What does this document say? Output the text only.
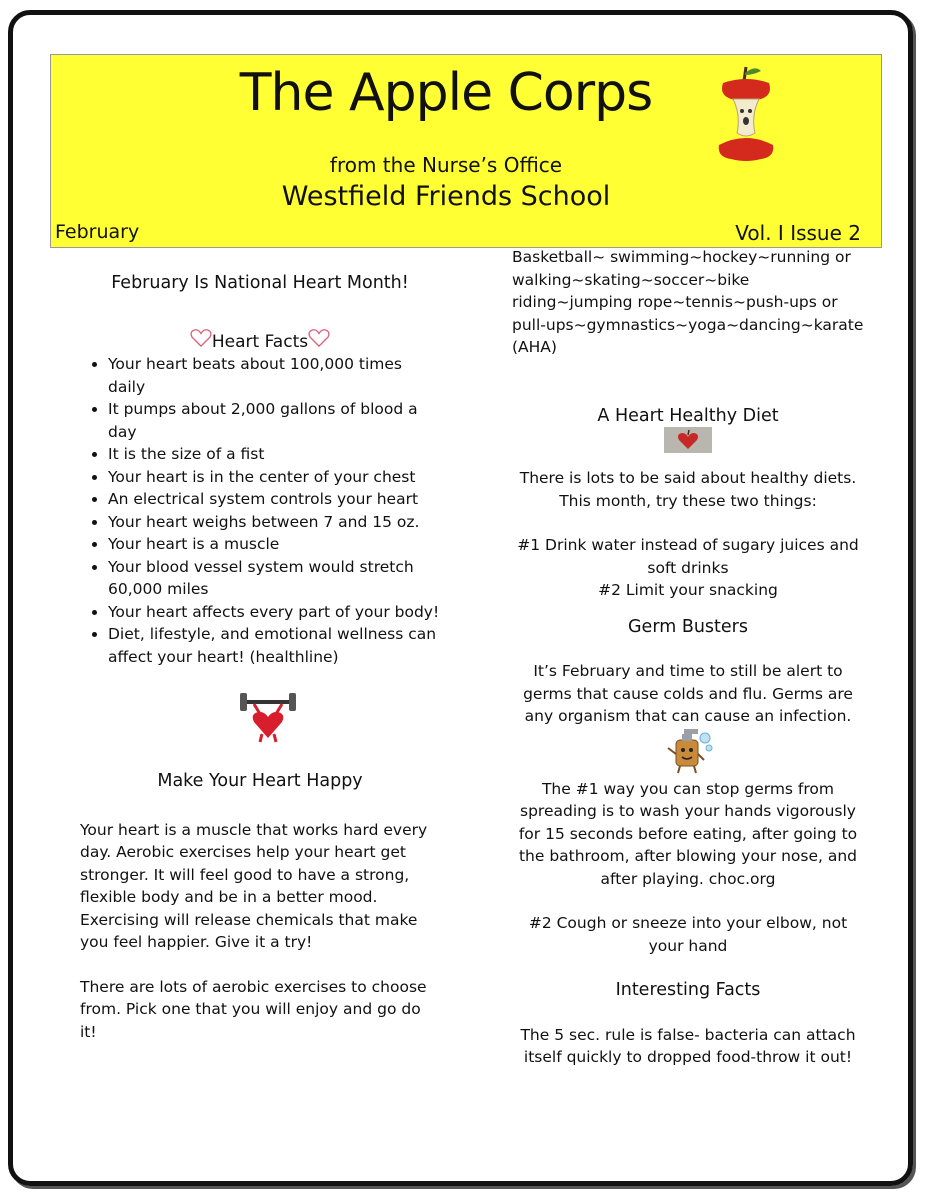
The Apple Corps
from the Nurse’s Office
Westfield Friends School
February	Vol. I Issue 2
February Is National Heart Month!
Heart Facts
• Your heart beats about 100,000 times daily
• It pumps about 2,000 gallons of blood a day
• It is the size of a fist
• Your heart is in the center of your chest
• An electrical system controls your heart
• Your heart weighs between 7 and 15 oz.
• Your heart is a muscle
• Your blood vessel system would stretch 60,000 miles
• Your heart affects every part of your body!
• Diet, lifestyle, and emotional wellness can affect your heart! (healthline)
Make Your Heart Happy

Your heart is a muscle that works hard every day. Aerobic exercises help your heart get stronger. It will feel good to have a strong, flexible body and be in a better mood. Exercising will release chemicals that make you feel happier. Give it a try!

There are lots of aerobic exercises to choose from. Pick one that you will enjoy and go do it!

Basketball~ swimming~hockey~running or walking~skating~soccer~bike riding~jumping rope~tennis~push-ups or pull-ups~gymnastics~yoga~dancing~karate (AHA)

A Heart Healthy Diet

There is lots to be said about healthy diets. This month, try these two things:

#1 Drink water instead of sugary juices and soft drinks

#2 Limit your snacking

Germ Busters

It’s February and time to still be alert to germs that cause colds and flu. Germs are any organism that can cause an infection.

The #1 way you can stop germs from spreading is to wash your hands vigorously for 15 seconds before eating, after going to the bathroom, after blowing your nose, and after playing. choc.org

#2 Cough or sneeze into your elbow, not your hand

Interesting Facts

The 5 sec. rule is false- bacteria can attach itself quickly to dropped food-throw it out!
